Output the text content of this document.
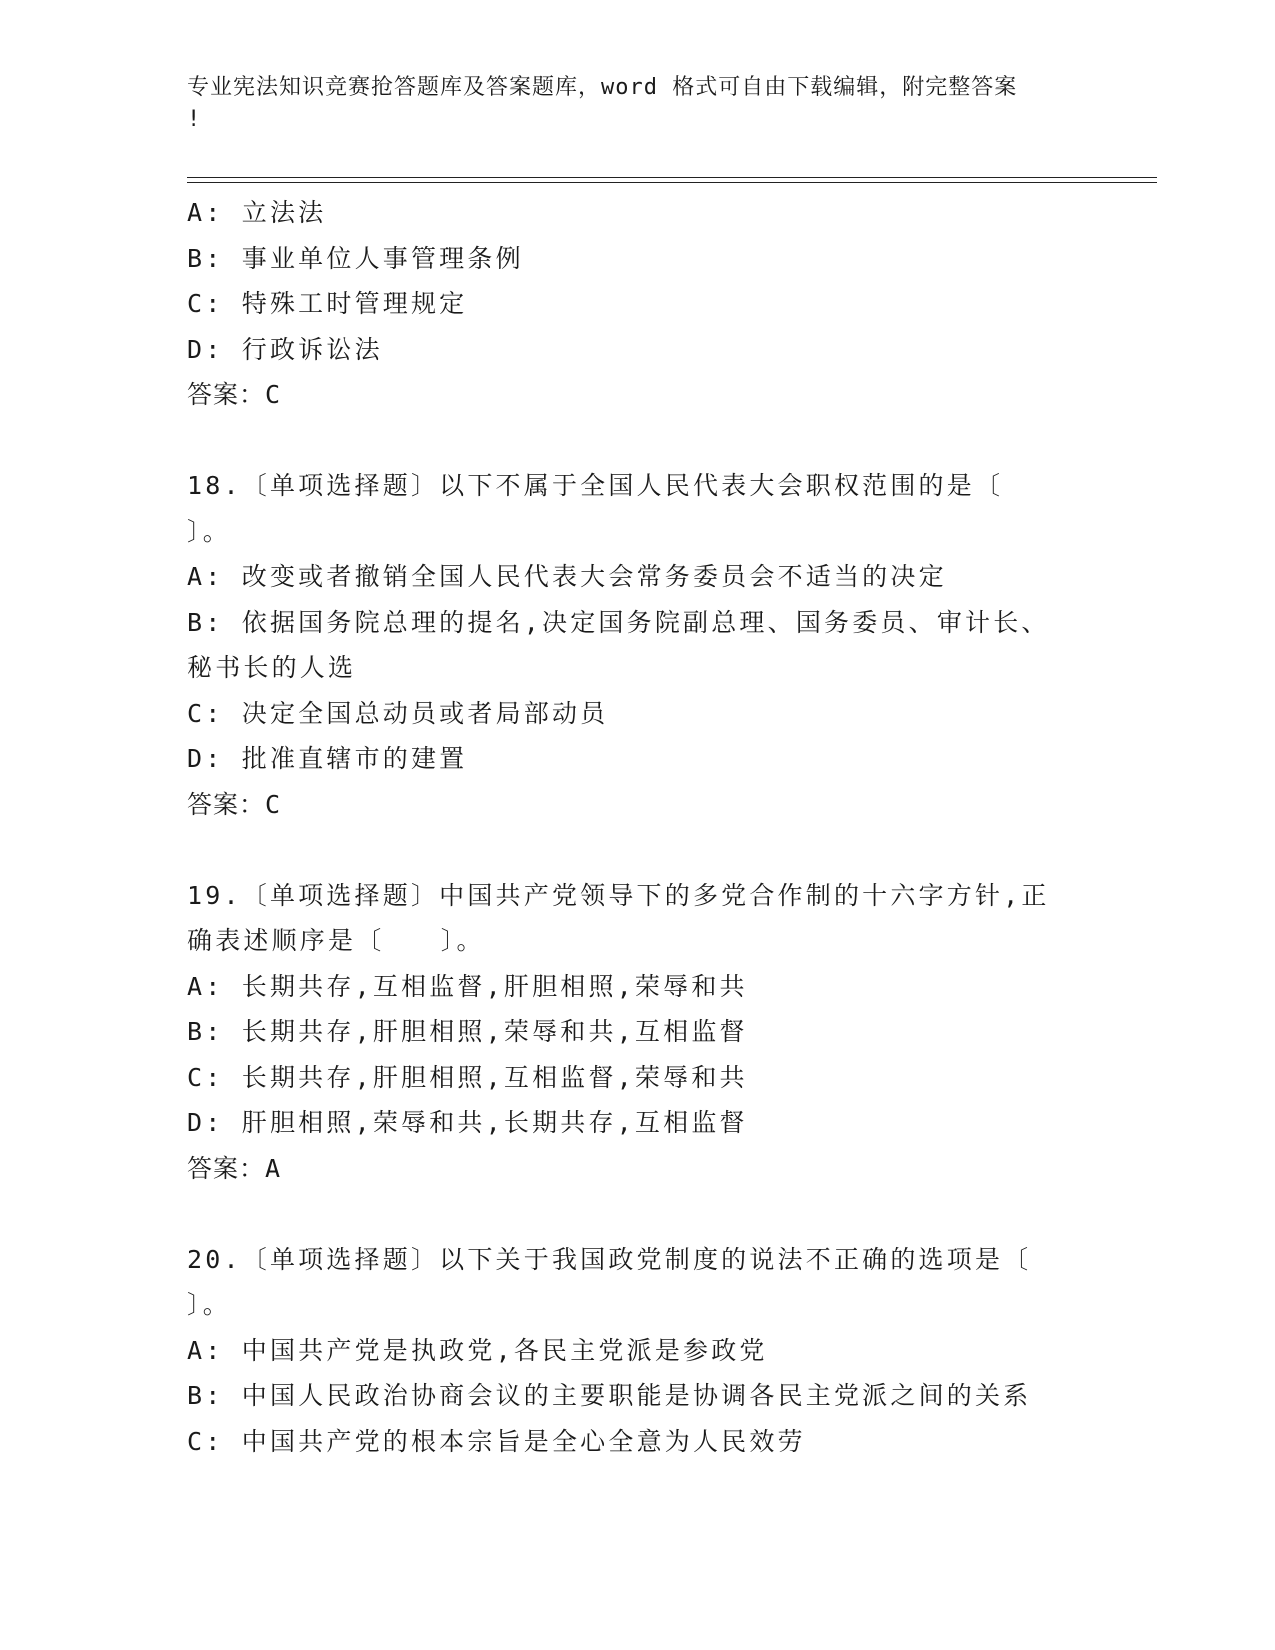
专业宪法知识竞赛抢答题库及答案题库，word 格式可自由下载编辑，附完整答案
!
A: 立法法
B: 事业单位人事管理条例
C: 特殊工时管理规定
D: 行政诉讼法
答案：C
18.〔单项选择题〕以下不属于全国人民代表大会职权范围的是〔
〕。
A: 改变或者撤销全国人民代表大会常务委员会不适当的决定
B: 依据国务院总理的提名,决定国务院副总理、国务委员、审计长、
秘书长的人选
C: 决定全国总动员或者局部动员
D: 批准直辖市的建置
答案：C
19.〔单项选择题〕中国共产党领导下的多党合作制的十六字方针,正
确表述顺序是〔　　〕。
A: 长期共存,互相监督,肝胆相照,荣辱和共
B: 长期共存,肝胆相照,荣辱和共,互相监督
C: 长期共存,肝胆相照,互相监督,荣辱和共
D: 肝胆相照,荣辱和共,长期共存,互相监督
答案：A
20.〔单项选择题〕以下关于我国政党制度的说法不正确的选项是〔
〕。
A: 中国共产党是执政党,各民主党派是参政党
B: 中国人民政治协商会议的主要职能是协调各民主党派之间的关系
C: 中国共产党的根本宗旨是全心全意为人民效劳
